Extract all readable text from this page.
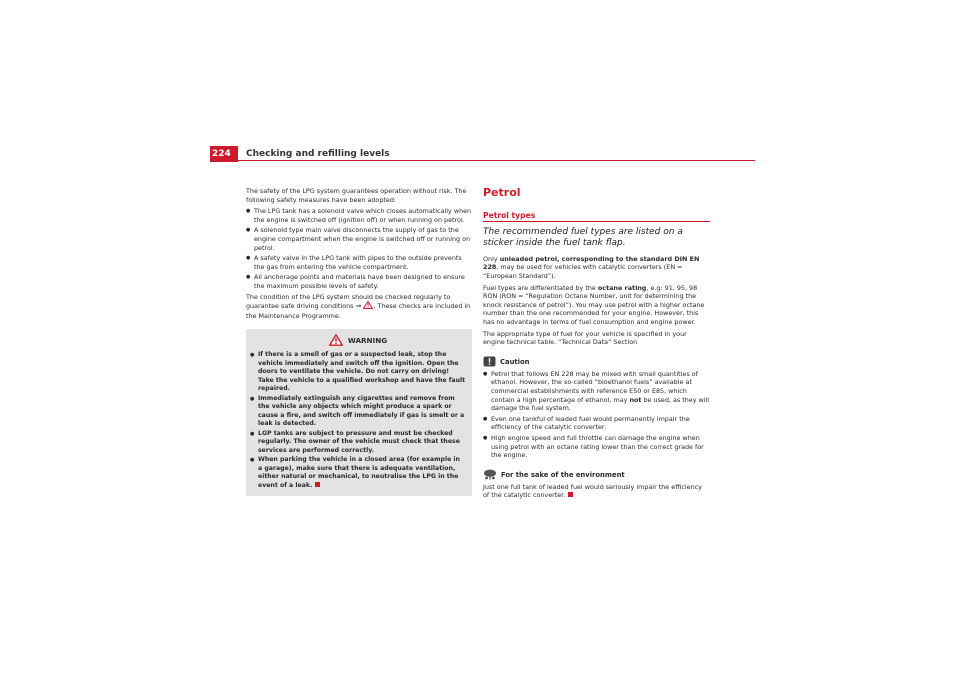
224 Checking and refilling levels

The safety of the LPG system guarantees operation without risk. The following safety measures have been adopted:

● The LPG tank has a solenoid valve which closes automatically when the engine is switched off (ignition off) or when running on petrol.
● A solenoid type main valve disconnects the supply of gas to the engine compartment when the engine is switched off or running on petrol.
● A safety valve in the LPG tank with pipes to the outside prevents the gas from entering the vehicle compartment.
● All anchorage points and materials have been designed to ensure the maximum possible levels of safety.

The condition of the LPG system should be checked regularly to guarantee safe driving conditions ⇒ . These checks are included in the Maintenance Programme.

WARNING
● If there is a smell of gas or a suspected leak, stop the vehicle immediately and switch off the ignition. Open the doors to ventilate the vehicle. Do not carry on driving! Take the vehicle to a qualified workshop and have the fault repaired.
● Immediately extinguish any cigarettes and remove from the vehicle any objects which might produce a spark or cause a fire, and switch off immediately if gas is smelt or a leak is detected.
● LGP tanks are subject to pressure and must be checked regularly. The owner of the vehicle must check that these services are performed correctly.
● When parking the vehicle in a closed area (for example in a garage), make sure that there is adequate ventilation, either natural or mechanical, to neutralise the LPG in the event of a leak.
Petrol
Petrol types

The recommended fuel types are listed on a sticker inside the fuel tank flap.

Only unleaded petrol, corresponding to the standard DIN EN 228, may be used for vehicles with catalytic converters (EN = “European Standard”).

Fuel types are differentiated by the octane rating, e.g: 91, 95, 98 RON (RON = “Regulation Octane Number, unit for determining the knock resistance of petrol”). You may use petrol with a higher octane number than the one recommended for your engine. However, this has no advantage in terms of fuel consumption and engine power.

The appropriate type of fuel for your vehicle is specified in your engine technical table. “Technical Data” Section

Caution
● Petrol that follows EN 228 may be mixed with small quantities of ethanol. However, the so-called “bioethanol fuels” available at commercial establishments with reference E50 or E85, which contain a high percentage of ethanol, may not be used, as they will damage the fuel system.
● Even one tankful of leaded fuel would permanently impair the efficiency of the catalytic converter.
● High engine speed and full throttle can damage the engine when using petrol with an octane rating lower than the correct grade for the engine.
For the sake of the environment

Just one full tank of leaded fuel would seriously impair the efficiency of the catalytic converter.
